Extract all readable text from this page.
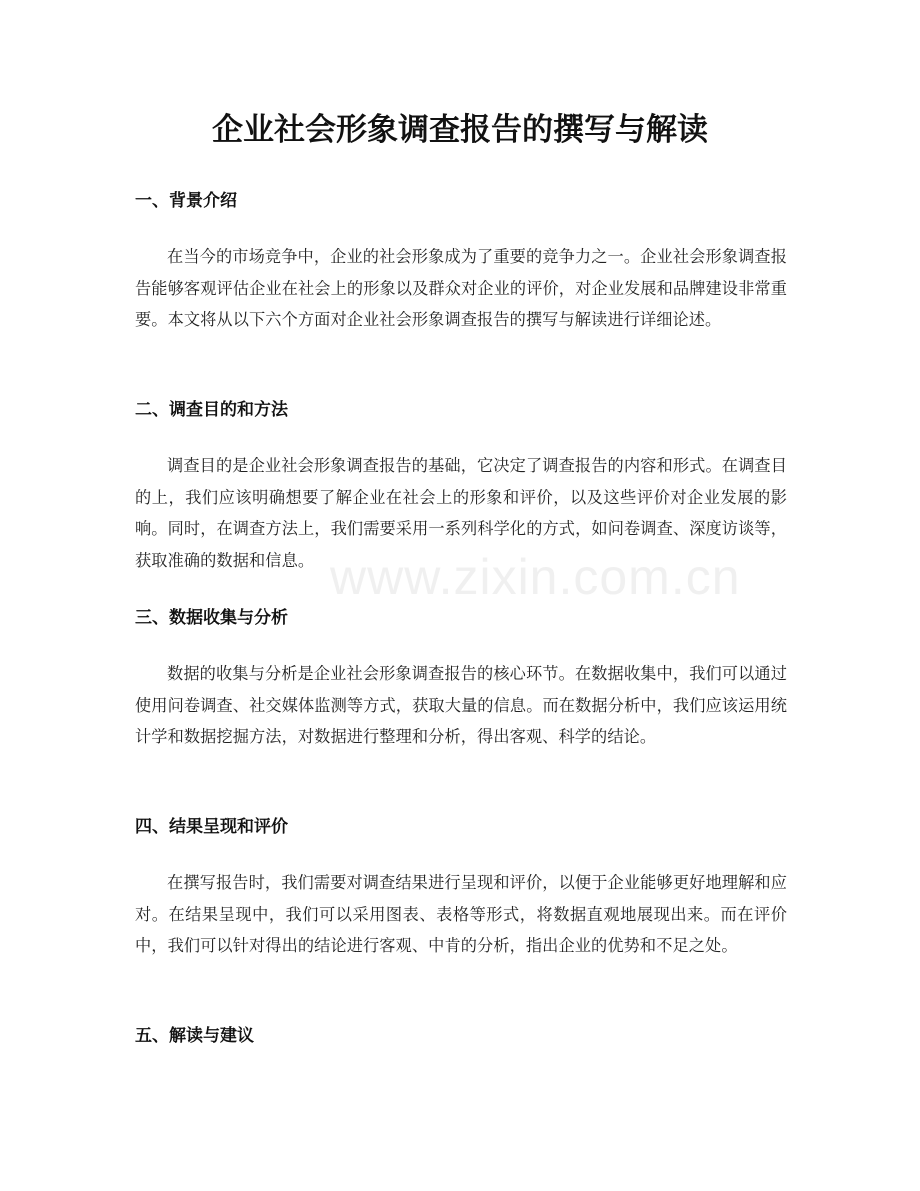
企业社会形象调查报告的撰写与解读
www.zixin.com.cn
一、背景介绍

在当今的市场竞争中，企业的社会形象成为了重要的竞争力之一。企业社会形象调查报告能够客观评估企业在社会上的形象以及群众对企业的评价，对企业发展和品牌建设非常重要。本文将从以下六个方面对企业社会形象调查报告的撰写与解读进行详细论述。

二、调查目的和方法

调查目的是企业社会形象调查报告的基础，它决定了调查报告的内容和形式。在调查目的上，我们应该明确想要了解企业在社会上的形象和评价，以及这些评价对企业发展的影响。同时，在调查方法上，我们需要采用一系列科学化的方式，如问卷调查、深度访谈等，获取准确的数据和信息。

三、数据收集与分析

数据的收集与分析是企业社会形象调查报告的核心环节。在数据收集中，我们可以通过使用问卷调查、社交媒体监测等方式，获取大量的信息。而在数据分析中，我们应该运用统计学和数据挖掘方法，对数据进行整理和分析，得出客观、科学的结论。

四、结果呈现和评价

在撰写报告时，我们需要对调查结果进行呈现和评价，以便于企业能够更好地理解和应对。在结果呈现中，我们可以采用图表、表格等形式，将数据直观地展现出来。而在评价中，我们可以针对得出的结论进行客观、中肯的分析，指出企业的优势和不足之处。

五、解读与建议
